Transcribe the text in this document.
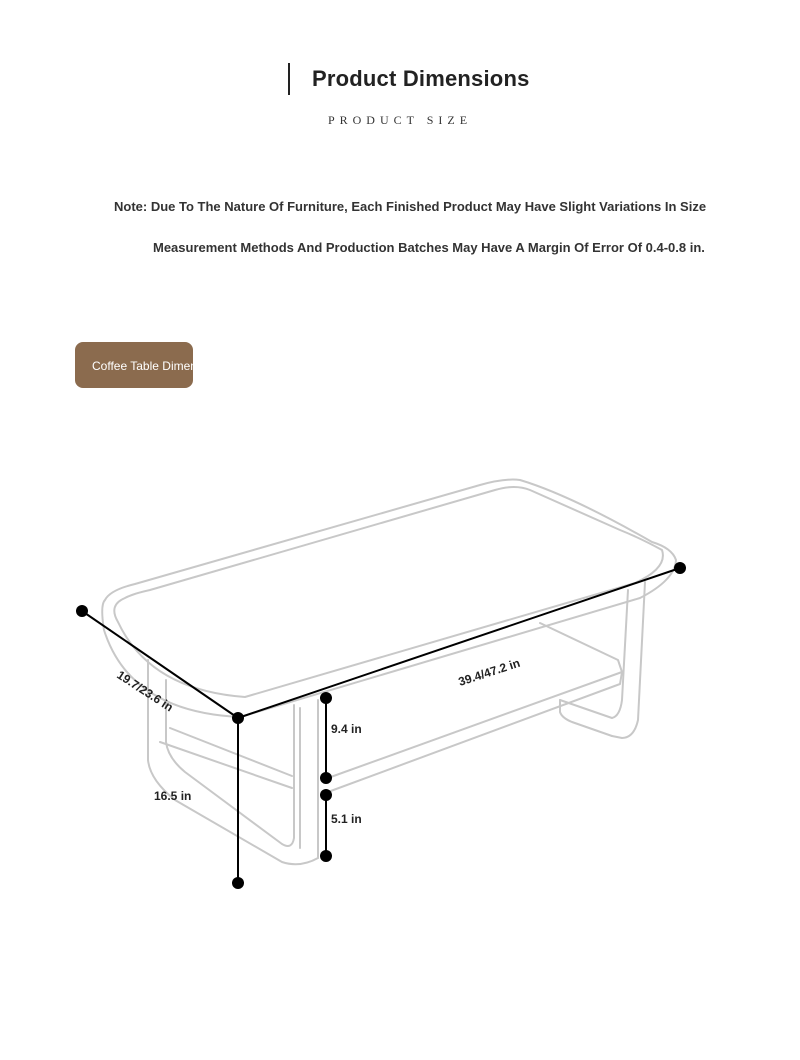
Product Dimensions
PRODUCT SIZE
Note: Due To The Nature Of Furniture, Each Finished Product May Have Slight Variations In Size
Measurement Methods And Production Batches May Have A Margin Of Error Of 0.4-0.8 in.
Coffee Table Dimensions
19.7/23.6 in	39.4/47.2 in
16.5 in
9.4 in
5.1 in
